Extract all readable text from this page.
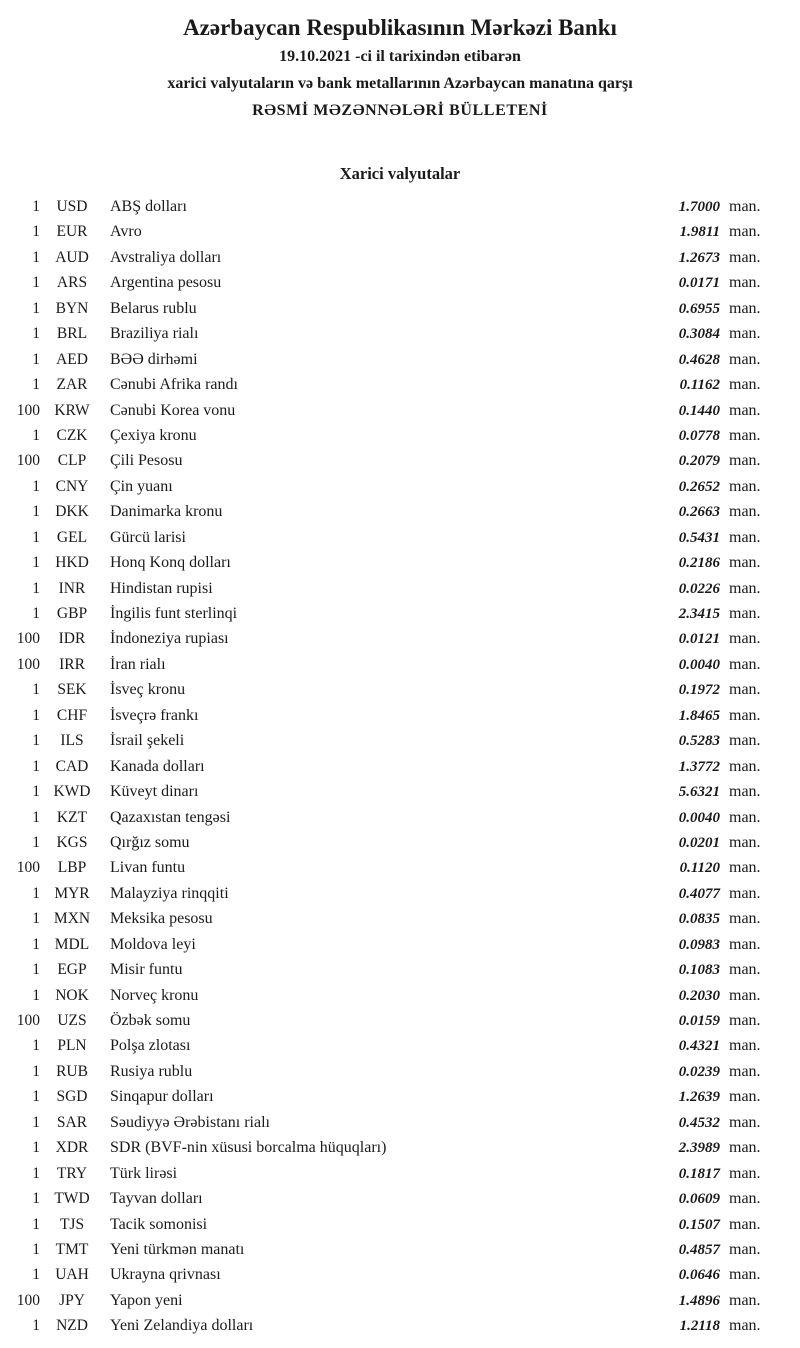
Azərbaycan Respublikasının Mərkəzi Bankı
19.10.2021 -ci il tarixindən etibarən
xarici valyutaların və bank metallarının Azərbaycan manatına qarşı
RƏSMİ MƏZƏNNƏLƏRİ BÜLLETENİ
Xarici valyutalar
1	USD	ABŞ dolları	1.7000 man.
1	EUR	Avro	1.9811 man.
1 AUD	Avstraliya dolları	1.2673 man.
1	ARS	Argentina pesosu	0.0171 man.
1	BYN	Belarus rublu	0.6955 man.
1	BRL	Braziliya rialı	0.3084 man.
1	AED	BƏƏ dirhəmi	0.4628 man.
1	ZAR	Cənubi Afrika randı	0.1162 man.
100 KRW	Cənubi Korea vonu	0.1440 man.
1	CZK	Çexiya kronu	0.0778 man.
100	CLP	Çili Pesosu	0.2079 man.
1	CNY	Çin yuanı	0.2652 man.
1 DKK	Danimarka kronu	0.2663 man.
1	GEL	Gürcü larisi	0.5431 man.
1 HKD	Honq Konq dolları	0.2186 man.
1	INR	Hindistan rupisi	0.0226 man.
1	GBP	İngilis funt sterlinqi	2.3415 man.
100	IDR	İndoneziya rupiası	0.0121 man.
100	IRR	İran rialı	0.0040 man.
1	SEK	İsveç kronu	0.1972 man.
1	CHF	İsveçrə frankı	1.8465 man.
1	ILS	İsrail şekeli	0.5283 man.
1	CAD	Kanada dolları	1.3772 man.
1 KWD	Küveyt dinarı	5.6321 man.
1	KZT	Qazaxıstan tengəsi	0.0040 man.
1	KGS	Qırğız somu	0.0201 man.
100	LBP	Livan funtu	0.1120 man.
1 MYR	Malayziya rinqqiti	0.4077 man.
1 MXN	Meksika pesosu	0.0835 man.
1 MDL	Moldova leyi	0.0983 man.
1	EGP	Misir funtu	0.1083 man.
1 NOK	Norveç kronu	0.2030 man.
100	UZS	Özbək somu	0.0159 man.
1	PLN	Polşa zlotası	0.4321 man.
1	RUB	Rusiya rublu	0.0239 man.
1	SGD	Sinqapur dolları	1.2639 man.
1	SAR	Səudiyyə Ərəbistanı rialı	0.4532 man.
1	XDR	SDR (BVF-nin xüsusi borcalma hüquqları)	2.3989 man.
1	TRY	Türk lirəsi	0.1817 man.
1 TWD	Tayvan dolları	0.0609 man.
1	TJS	Tacik somonisi	0.1507 man.
1	TMT	Yeni türkmən manatı	0.4857 man.
1 UAH	Ukrayna qrivnası	0.0646 man.
100	JPY	Yapon yeni	1.4896 man.
1	NZD	Yeni Zelandiya dolları	1.2118 man.
